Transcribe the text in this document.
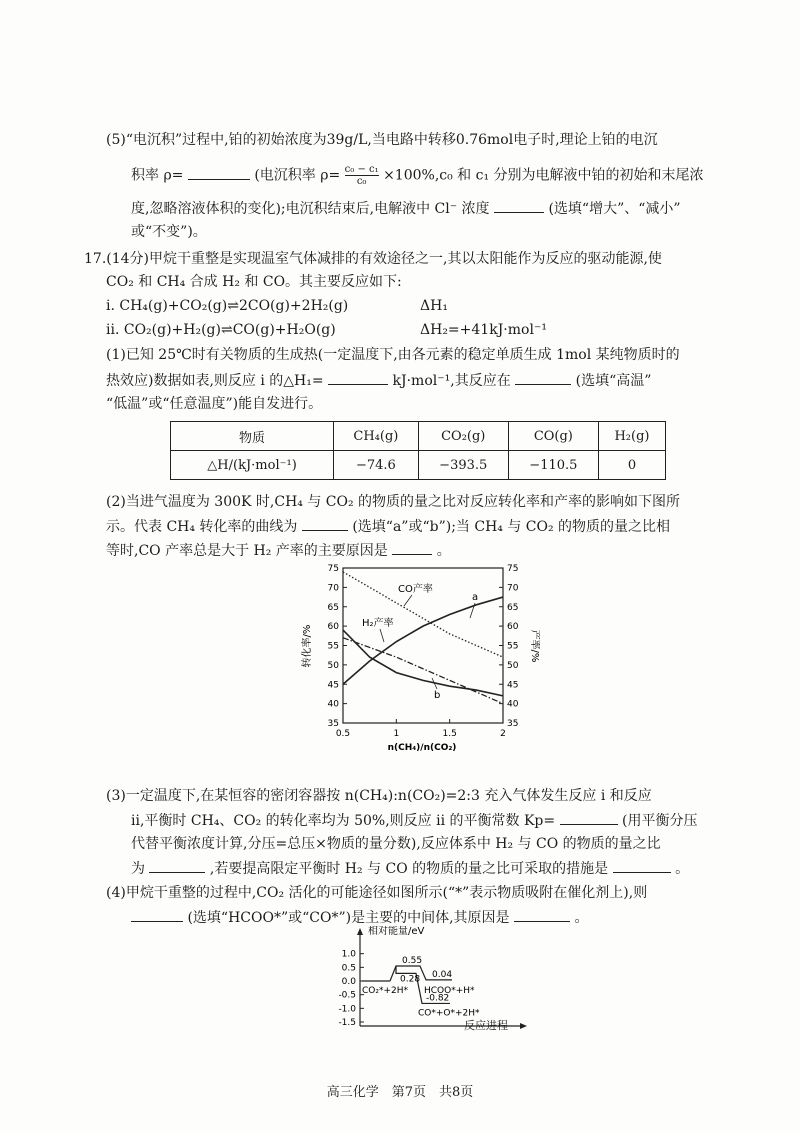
(5)“电沉积”过程中,铂的初始浓度为39g/L,当电路中转移0.76mol电子时,理论上铂的电沉
积率 ρ=	(电沉积率 $\rho= \frac{\text{c₀ − c₁}}{\text{c₀}} \times 100\%,c_0$ 和 c₁ 分别为电解液中铂的初始和末尾浓
度,忽略溶液体积的变化);电沉积结束后,电解液中 Cl⁻ 浓度	(选填“增大”、“减小”
或“不变”)。
17.(14分)甲烷干重整是实现温室气体减排的有效途径之一,其以太阳能作为反应的驱动能源,使
CO₂ 和 CH₄ 合成 H₂ 和 CO。其主要反应如下:
i. CH₄(g)+CO₂(g)⇌2CO(g)+2H₂(g)	ΔH₁
ii. CO₂(g)+H₂(g)⇌CO(g)+H₂O(g)	ΔH₂=+41kJ·mol⁻¹
(1)已知 25℃时有关物质的生成热(一定温度下,由各元素的稳定单质生成 1mol 某纯物质时的
热效应)数据如表,则反应 i 的△H₁=	kJ·mol⁻¹,其反应在	(选填“高温”
“低温”或“任意温度”)能自发进行。
物质	CH₄(g)	CO₂(g)	CO(g)	H₂(g)
△H/(kJ·mol⁻¹)	−74.6	−393.5	−110.5	0
(2)当进气温度为 300K 时,CH₄ 与 CO₂ 的物质的量之比对反应转化率和产率的影响如下图所
示。代表 CH₄ 转化率的曲线为	(选填“a”或“b”);当 CH₄ 与 CO₂ 的物质的量之比相
等时,CO 产率总是大于 H₂ 产率的主要原因是	。
35	35
40	40
45	45
50	50
55	55
60	60
65	65
70	70
75	75
0.5	1	1.5	2
CO产率
a
H₂产率
b
n(CH₄)/n(CO₂)
转化率/%	产率/%
(3)一定温度下,在某恒容的密闭容器按 n(CH₄):n(CO₂)=2:3 充入气体发生反应 i 和反应
ii,平衡时 CH₄、CO₂ 的转化率均为 50%,则反应 ii 的平衡常数 Kp=	(用平衡分压
代替平衡浓度计算,分压=总压×物质的量分数),反应体系中 H₂ 与 CO 的物质的量之比
为	,若要提高限定平衡时 H₂ 与 CO 的物质的量之比可采取的措施是	。
(4)甲烷干重整的过程中,CO₂ 活化的可能途径如图所示(“*”表示物质吸附在催化剂上),则
(选填“HCOO*”或“CO*”)是主要的中间体,其原因是	。
1.0
0.5
0.0
-0.5
-1.0
-1.5
0.55
0.28 0.04
-0.82
CO₂*+2H* HCOO*+H*
CO*+O*+2H*
相对能量/eV
反应进程
高三化学　第7页　共8页
